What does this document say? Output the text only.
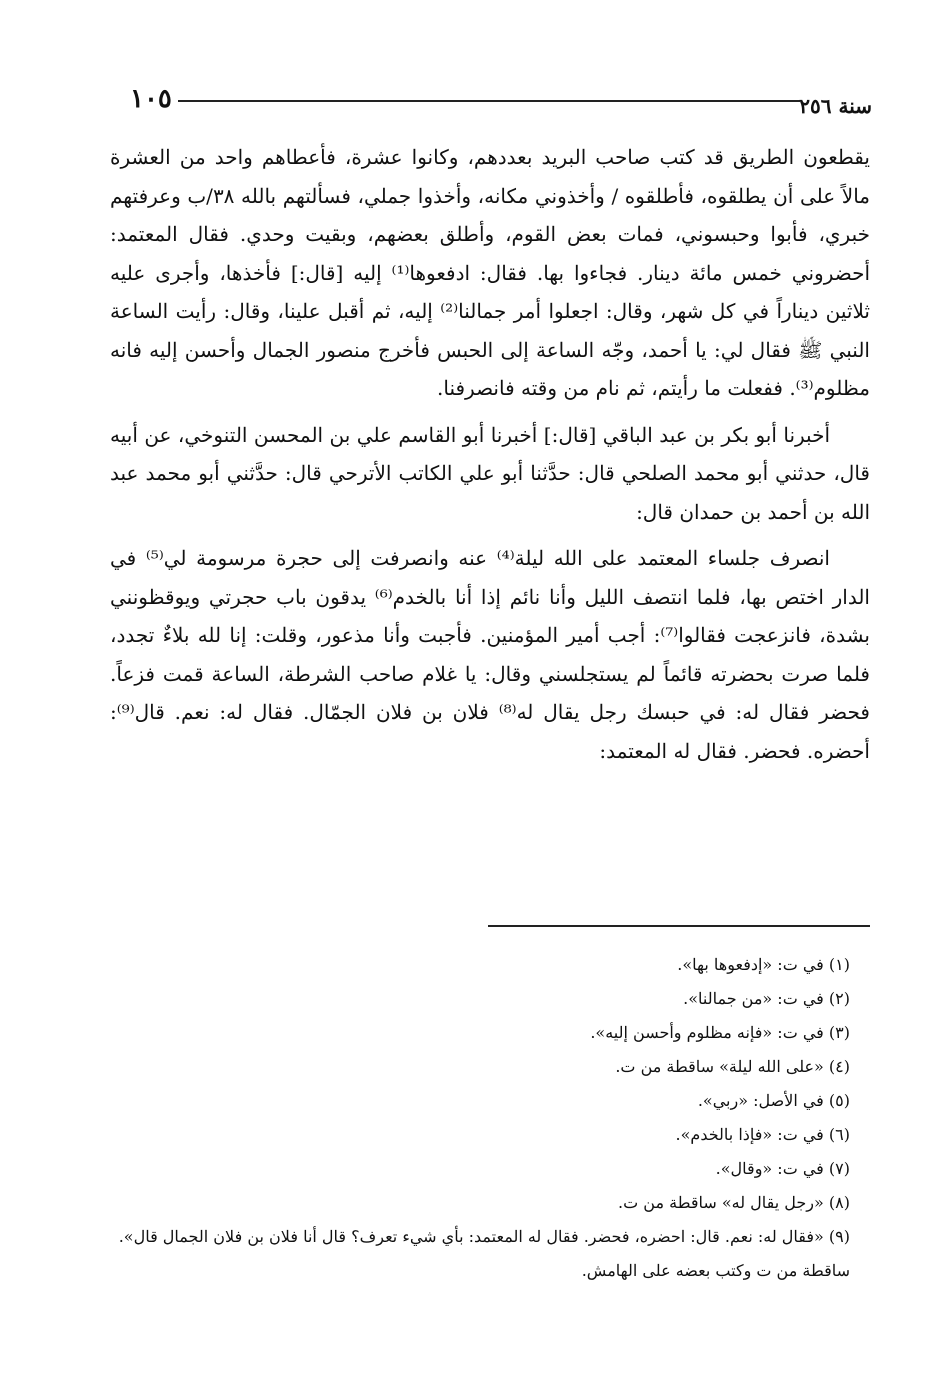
١٠٥	سنة ٢٥٦

يقطعون الطريق قد كتب صاحب البريد بعددهم، وكانوا عشرة، فأعطاهم واحد من العشرة مالاً على أن يطلقوه، فأطلقوه / وأخذوني مكانه، وأخذوا جملي، فسألتهم بالله ٣٨/ب وعرفتهم خبري، فأبوا وحبسوني، فمات بعض القوم، وأطلق بعضهم، وبقيت وحدي. فقال المعتمد: أحضروني خمس مائة دينار. فجاءوا بها. فقال: ادفعوها⁽¹⁾ إليه [قال:] فأخذها، وأجرى عليه ثلاثين ديناراً في كل شهر، وقال: اجعلوا أمر جمالنا⁽²⁾ إليه، ثم أقبل علينا، وقال: رأيت الساعة النبي ﷺ فقال لي: يا أحمد، وجّه الساعة إلى الحبس فأخرج منصور الجمال وأحسن إليه فانه مظلوم⁽³⁾. ففعلت ما رأيتم، ثم نام من وقته فانصرفنا.

أخبرنا أبو بكر بن عبد الباقي [قال:] أخبرنا أبو القاسم علي بن المحسن التنوخي، عن أبيه قال، حدثني أبو محمد الصلحي قال: حدَّثنا أبو علي الكاتب الأترحي قال: حدَّثني أبو محمد عبد الله بن أحمد بن حمدان قال:

انصرف جلساء المعتمد على الله ليلة⁽⁴⁾ عنه وانصرفت إلى حجرة مرسومة لي⁽⁵⁾ في الدار اختص بها، فلما انتصف الليل وأنا نائم إذا أنا بالخدم⁽⁶⁾ يدقون باب حجرتي ويوقظونني بشدة، فانزعجت فقالوا⁽⁷⁾: أجب أمير المؤمنين. فأجبت وأنا مذعور، وقلت: إنا لله بلاءٌ تجدد، فلما صرت بحضرته قائماً لم يستجلسني وقال: يا غلام صاحب الشرطة، الساعة قمت فزعاً. فحضر فقال له: في حبسك رجل يقال له⁽⁸⁾ فلان بن فلان الجمّال. فقال له: نعم. قال⁽⁹⁾: أحضره. فحضر. فقال له المعتمد:

(١) في ت: «إدفعوها بها».
(٢) في ت: «من جمالنا».
(٣) في ت: «فإنه مظلوم وأحسن إليه».
(٤) «على الله ليلة» ساقطة من ت.
(٥) في الأصل: «ربي».
(٦) في ت: «فإذا بالخدم».
(٧) في ت: «وقال».
(٨) «رجل يقال له» ساقطة من ت.
(٩) «فقال له: نعم. قال: احضره، فحضر. فقال له المعتمد: بأي شيء تعرف؟ قال أنا فلان بن فلان الجمال قال». ساقطة من ت وكتب بعضه على الهامش.
